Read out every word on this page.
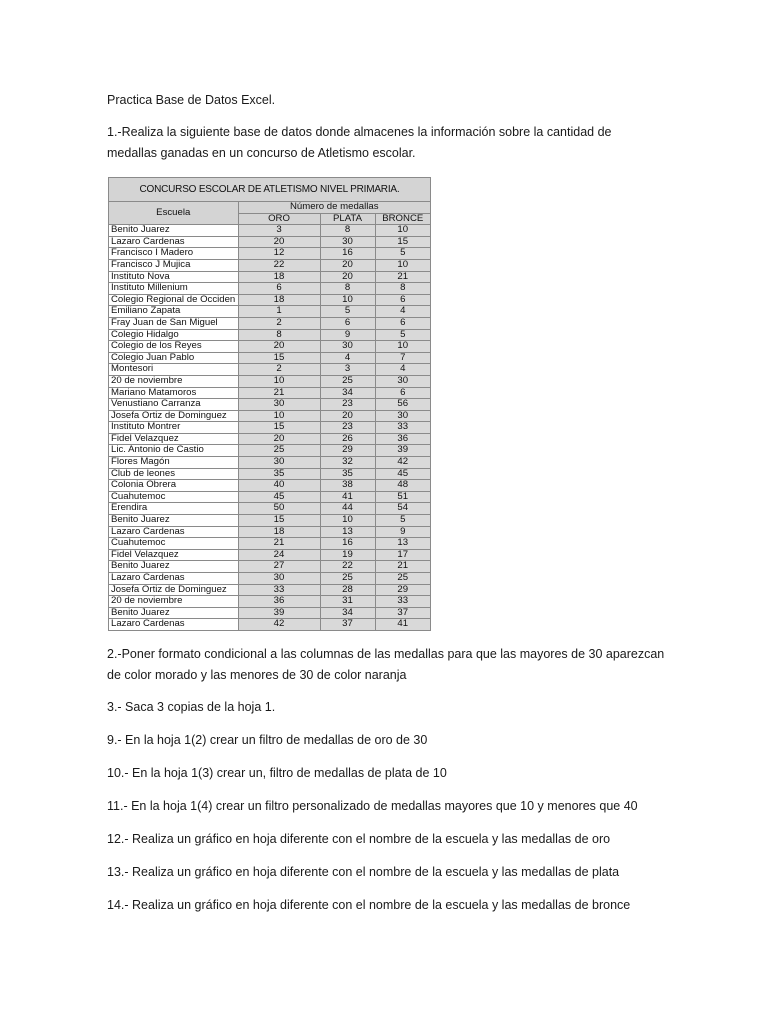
Practica Base de Datos Excel.

1.-Realiza la siguiente base de datos donde almacenes la información sobre la cantidad de
medallas ganadas en un concurso de Atletismo escolar.
CONCURSO ESCOLAR DE ATLETISMO NIVEL PRIMARIA.
Escuela	Número de medallas		
	ORO	PLATA	BRONCE
Benito Juarez	3	8	10
Lazaro Cardenas	20	30	15
Francisco I Madero	12	16	5
Francisco J Mujica	22	20	10
Instituto Nova	18	20	21
Instituto Millenium	6	8	8
Colegio Regional de Occiden	18	10	6
Emiliano Zapata	1	5	4
Fray Juan de San Miguel	2	6	6
Colegio Hidalgo	8	9	5
Colegio de los Reyes	20	30	10
Colegio Juan Pablo	15	4	7
Montesori	2	3	4
20 de noviembre	10	25	30
Mariano Matamoros	21	34	6
Venustiano Carranza	30	23	56
Josefa Ortiz de Dominguez	10	20	30
Instituto Montrer	15	23	33
Fidel Velazquez	20	26	36
Lic. Antonio de Castio	25	29	39
Flores Magón	30	32	42
Club de leones	35	35	45
Colonia Obrera	40	38	48
Cuahutemoc	45	41	51
Erendira	50	44	54
Benito Juarez	15	10	5
Lazaro Cardenas	18	13	9
Cuahutemoc	21	16	13
Fidel Velazquez	24	19	17
Benito Juarez	27	22	21
Lazaro Cardenas	30	25	25
Josefa Ortiz de Dominguez	33	28	29
20 de noviembre	36	31	33
Benito Juarez	39	34	37
Lazaro Cardenas	42	37	41
2.-Poner formato condicional a las columnas de las medallas para que las mayores de 30 aparezcan
de color morado y las menores de 30 de color naranja

3.- Saca 3 copias de la hoja 1.

9.- En la hoja 1(2) crear un filtro de medallas de oro de 30

10.- En la hoja 1(3) crear un, filtro de medallas de plata de 10

11.- En la hoja 1(4) crear un filtro personalizado de medallas mayores que 10 y menores que 40

12.- Realiza un gráfico en hoja diferente con el nombre de la escuela y las medallas de oro

13.- Realiza un gráfico en hoja diferente con el nombre de la escuela y las medallas de plata

14.- Realiza un gráfico en hoja diferente con el nombre de la escuela y las medallas de bronce
